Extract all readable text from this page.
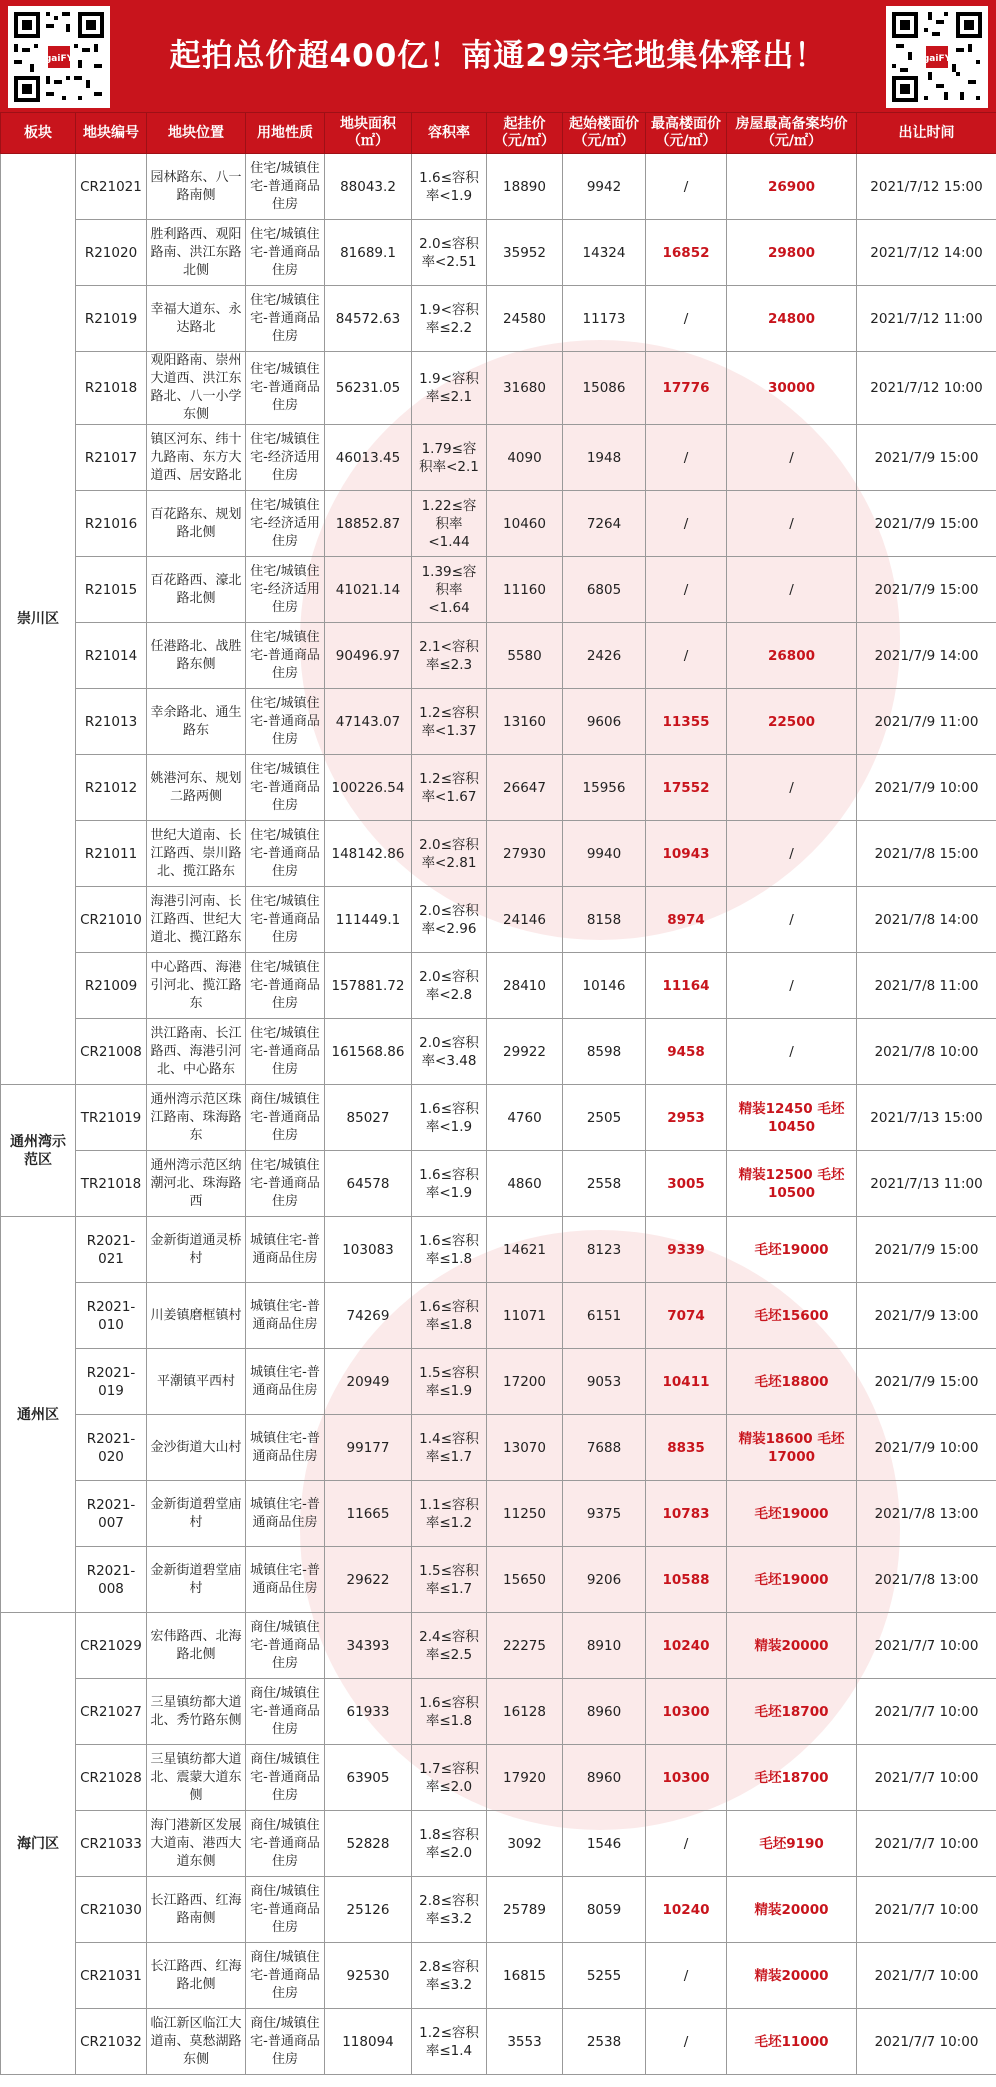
gaiFY	起拍总价超400亿！南通29宗宅地集体释出！	gaiFY
板块	地块编号	地块位置	用地性质	地块面积（㎡）	容积率	起挂价（元/㎡）	起始楼面价（元/㎡）	最高楼面价（元/㎡）	房屋最高备案均价（元/㎡）	出让时间
崇川区	CR21021	园林路东、八一路南侧	住宅/城镇住宅-普通商品住房	88043.2	1.6≤容积率<1.9	18890	9942	/	26900	2021/7/12 15:00
	R21020	胜利路西、观阳路南、洪江东路北侧	住宅/城镇住宅-普通商品住房	81689.1	2.0≤容积率<2.51	35952	14324	16852	29800	2021/7/12 14:00
	R21019	幸福大道东、永达路北	住宅/城镇住宅-普通商品住房	84572.63	1.9<容积率≤2.2	24580	11173	/	24800	2021/7/12 11:00
	R21018	观阳路南、崇州大道西、洪江东路北、八一小学东侧	住宅/城镇住宅-普通商品住房	56231.05	1.9<容积率≤2.1	31680	15086	17776	30000	2021/7/12 10:00
	R21017	镇区河东、纬十九路南、东方大道西、居安路北	住宅/城镇住宅-经济适用住房	46013.45	1.79≤容积率<2.1	4090	1948	/	/	2021/7/9 15:00
	R21016	百花路东、规划路北侧	住宅/城镇住宅-经济适用住房	18852.87	1.22≤容积率<1.44	10460	7264	/	/	2021/7/9 15:00
	R21015	百花路西、濠北路北侧	住宅/城镇住宅-经济适用住房	41021.14	1.39≤容积率<1.64	11160	6805	/	/	2021/7/9 15:00
	R21014	任港路北、战胜路东侧	住宅/城镇住宅-普通商品住房	90496.97	2.1<容积率≤2.3	5580	2426	/	26800	2021/7/9 14:00
	R21013	幸余路北、通生路东	住宅/城镇住宅-普通商品住房	47143.07	1.2≤容积率<1.37	13160	9606	11355	22500	2021/7/9 11:00
	R21012	姚港河东、规划二路两侧	住宅/城镇住宅-普通商品住房	100226.54	1.2≤容积率<1.67	26647	15956	17552	/	2021/7/9 10:00
	R21011	世纪大道南、长江路西、崇川路北、揽江路东	住宅/城镇住宅-普通商品住房	148142.86	2.0≤容积率<2.81	27930	9940	10943	/	2021/7/8 15:00
	CR21010	海港引河南、长江路西、世纪大道北、揽江路东	住宅/城镇住宅-普通商品住房	111449.1	2.0≤容积率<2.96	24146	8158	8974	/	2021/7/8 14:00
	R21009	中心路西、海港引河北、揽江路东	住宅/城镇住宅-普通商品住房	157881.72	2.0≤容积率<2.8	28410	10146	11164	/	2021/7/8 11:00
	CR21008	洪江路南、长江路西、海港引河北、中心路东	住宅/城镇住宅-普通商品住房	161568.86	2.0≤容积率<3.48	29922	8598	9458	/	2021/7/8 10:00
通州湾示范区	TR21019	通州湾示范区珠江路南、珠海路东	商住/城镇住宅-普通商品住房	85027	1.6≤容积率<1.9	4760	2505	2953	精装12450 毛坯10450	2021/7/13 15:00
	TR21018	通州湾示范区纳潮河北、珠海路西	住宅/城镇住宅-普通商品住房	64578	1.6≤容积率<1.9	4860	2558	3005	精装12500 毛坯10500	2021/7/13 11:00
通州区	R2021-021	金新街道通灵桥村	城镇住宅-普通商品住房	103083	1.6≤容积率≤1.8	14621	8123	9339	毛坯19000	2021/7/9 15:00
	R2021-010	川姜镇磨框镇村	城镇住宅-普通商品住房	74269	1.6≤容积率≤1.8	11071	6151	7074	毛坯15600	2021/7/9 13:00
	R2021-019	平潮镇平西村	城镇住宅-普通商品住房	20949	1.5≤容积率≤1.9	17200	9053	10411	毛坯18800	2021/7/9 15:00
	R2021-020	金沙街道大山村	城镇住宅-普通商品住房	99177	1.4≤容积率≤1.7	13070	7688	8835	精装18600 毛坯17000	2021/7/9 10:00
	R2021-007	金新街道碧堂庙村	城镇住宅-普通商品住房	11665	1.1≤容积率≤1.2	11250	9375	10783	毛坯19000	2021/7/8 13:00
	R2021-008	金新街道碧堂庙村	城镇住宅-普通商品住房	29622	1.5≤容积率≤1.7	15650	9206	10588	毛坯19000	2021/7/8 13:00
海门区	CR21029	宏伟路西、北海路北侧	商住/城镇住宅-普通商品住房	34393	2.4≤容积率≤2.5	22275	8910	10240	精装20000	2021/7/7 10:00
	CR21027	三星镇纺都大道北、秀竹路东侧	商住/城镇住宅-普通商品住房	61933	1.6≤容积率≤1.8	16128	8960	10300	毛坯18700	2021/7/7 10:00
	CR21028	三星镇纺都大道北、震蒙大道东侧	商住/城镇住宅-普通商品住房	63905	1.7≤容积率≤2.0	17920	8960	10300	毛坯18700	2021/7/7 10:00
	CR21033	海门港新区发展大道南、港西大道东侧	商住/城镇住宅-普通商品住房	52828	1.8≤容积率≤2.0	3092	1546	/	毛坯9190	2021/7/7 10:00
	CR21030	长江路西、红海路南侧	商住/城镇住宅-普通商品住房	25126	2.8≤容积率≤3.2	25789	8059	10240	精装20000	2021/7/7 10:00
	CR21031	长江路西、红海路北侧	商住/城镇住宅-普通商品住房	92530	2.8≤容积率≤3.2	16815	5255	/	精装20000	2021/7/7 10:00
	CR21032	临江新区临江大道南、莫愁湖路东侧	商住/城镇住宅-普通商品住房	118094	1.2≤容积率≤1.4	3553	2538	/	毛坯11000	2021/7/7 10:00
